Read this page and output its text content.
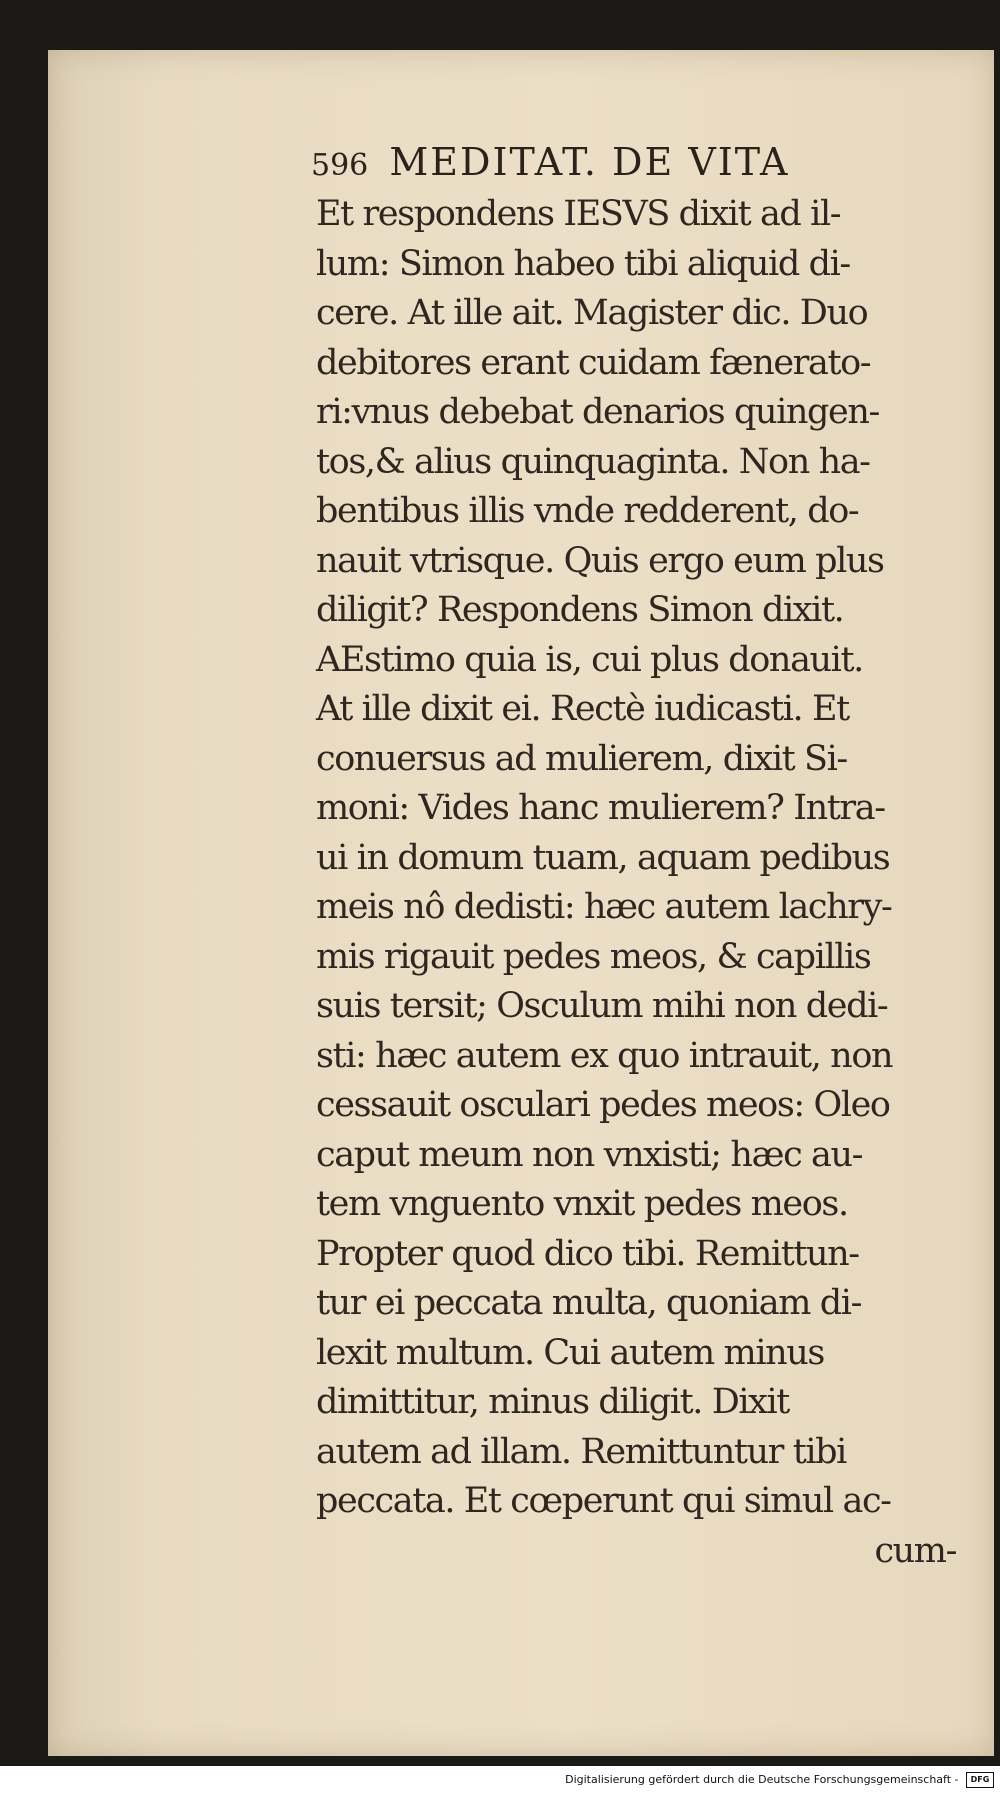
596 MEDITAT. DE VITA
Et respondens IESVS dixit ad il-
lum: Simon habeo tibi aliquid di-
cere. At ille ait. Magister dic. Duo
debitores erant cuidam fænerato-
ri:vnus debebat denarios quingen-
tos,& alius quinquaginta. Non ha-
bentibus illis vnde redderent, do-
nauit vtrisque. Quis ergo eum plus
diligit? Respondens Simon dixit.
AEstimo quia is, cui plus donauit.
At ille dixit ei. Rectè iudicasti. Et
conuersus ad mulierem, dixit Si-
moni: Vides hanc mulierem? Intra-
ui in domum tuam, aquam pedibus
meis nô dedisti: hæc autem lachry-
mis rigauit pedes meos, & capillis
suis tersit; Osculum mihi non dedi-
sti: hæc autem ex quo intrauit, non
cessauit osculari pedes meos: Oleo
caput meum non vnxisti; hæc au-
tem vnguento vnxit pedes meos.
Propter quod dico tibi. Remittun-
tur ei peccata multa, quoniam di-
lexit multum. Cui autem minus
dimittitur, minus diligit. Dixit
autem ad illam. Remittuntur tibi
peccata. Et cœperunt qui simul ac-
cum-
Digitalisierung gefördert durch die Deutsche Forschungsgemeinschaft - DFG
